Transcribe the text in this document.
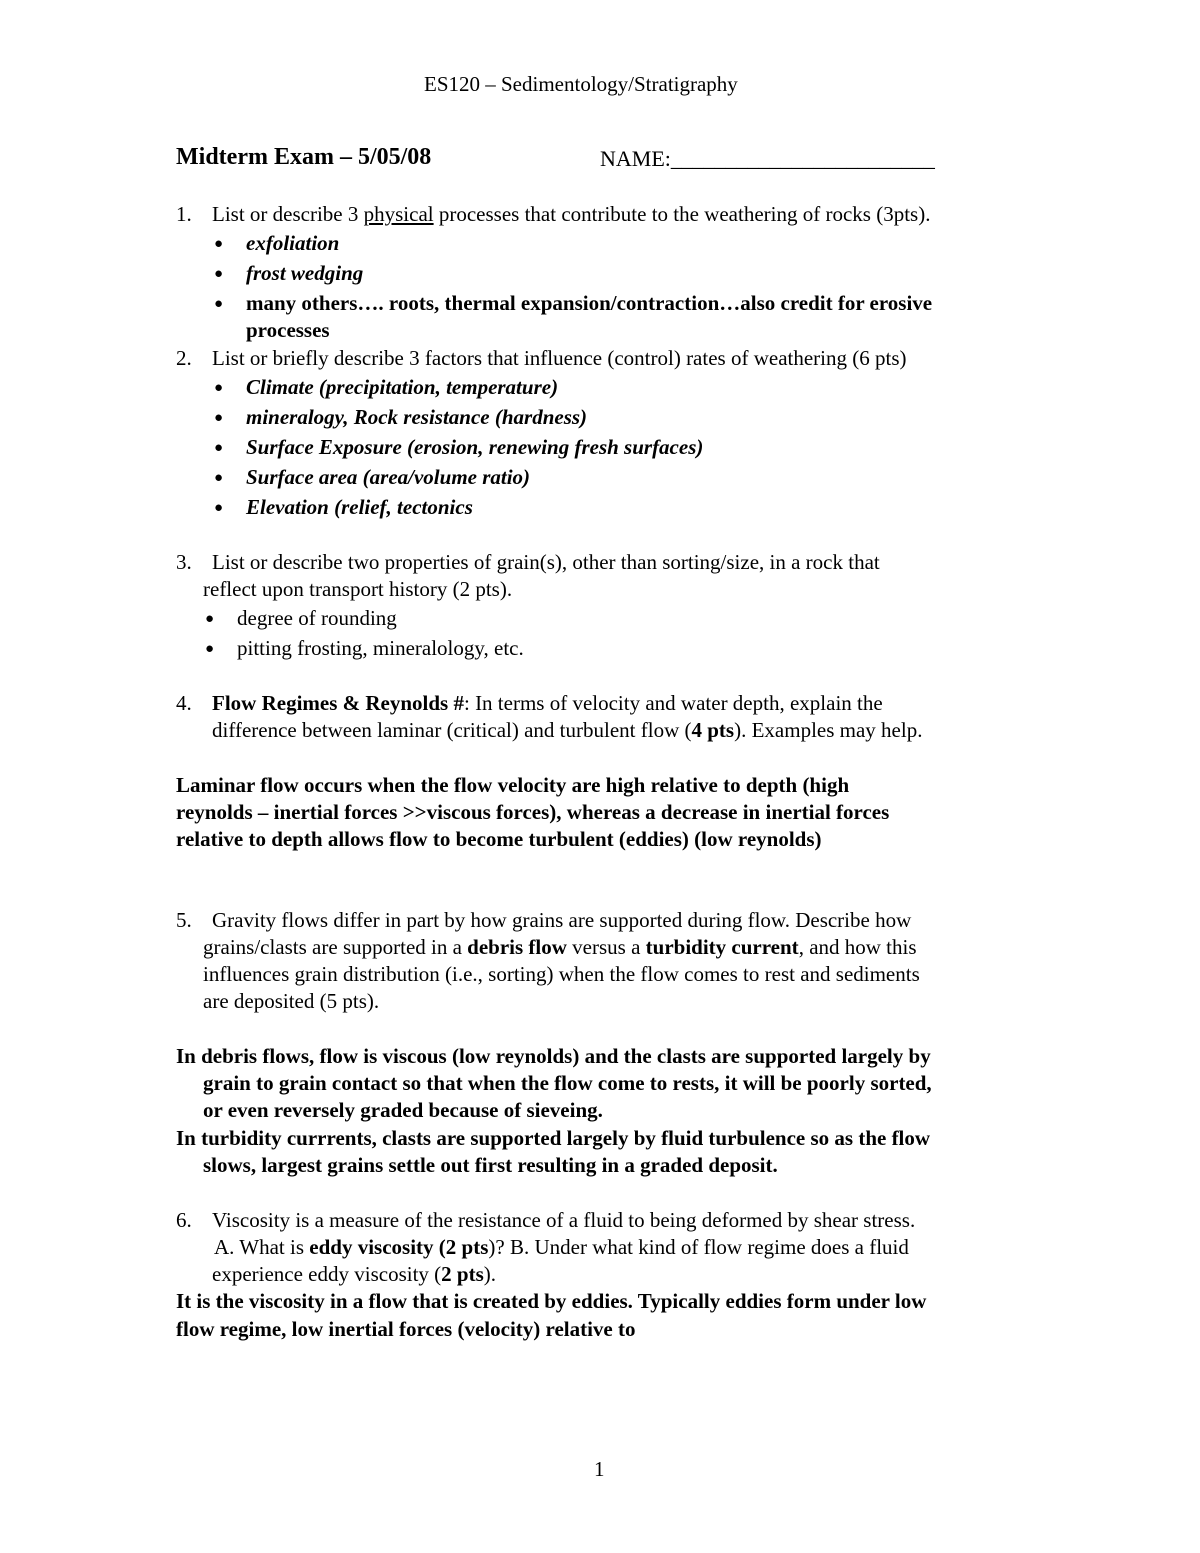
ES120 – Sedimentology/Stratigraphy
Midterm Exam – 5/05/08	NAME:________________________
1. List or describe 3 physical processes that contribute to the weathering of rocks (3pts).
● exfoliation
● frost wedging
● many others…. roots, thermal expansion/contraction…also credit for erosive
processes
2. List or briefly describe 3 factors that influence (control) rates of weathering (6 pts)
● Climate (precipitation, temperature)
● mineralogy, Rock resistance (hardness)
● Surface Exposure (erosion, renewing fresh surfaces)
● Surface area (area/volume ratio)
● Elevation (relief, tectonics
3. List or describe two properties of grain(s), other than sorting/size, in a rock that
reflect upon transport history (2 pts).
● degree of rounding
● pitting frosting, mineralology, etc.
4. Flow Regimes & Reynolds #: In terms of velocity and water depth, explain the
difference between laminar (critical) and turbulent flow (4 pts). Examples may help.
Laminar flow occurs when the flow velocity are high relative to depth (high
reynolds – inertial forces >>viscous forces), whereas a decrease in inertial forces
relative to depth allows flow to become turbulent (eddies) (low reynolds)
5. Gravity flows differ in part by how grains are supported during flow. Describe how
grains/clasts are supported in a debris flow versus a turbidity current, and how this
influences grain distribution (i.e., sorting) when the flow comes to rest and sediments
are deposited (5 pts).
In debris flows, flow is viscous (low reynolds) and the clasts are supported largely by
grain to grain contact so that when the flow come to rests, it will be poorly sorted,
or even reversely graded because of sieveing.
In turbidity currrents, clasts are supported largely by fluid turbulence so as the flow
slows, largest grains settle out first resulting in a graded deposit.
6. Viscosity is a measure of the resistance of a fluid to being deformed by shear stress.
A. What is eddy viscosity (2 pts)? B. Under what kind of flow regime does a fluid
experience eddy viscosity (2 pts).
It is the viscosity in a flow that is created by eddies. Typically eddies form under low
flow regime, low inertial forces (velocity) relative to
1
